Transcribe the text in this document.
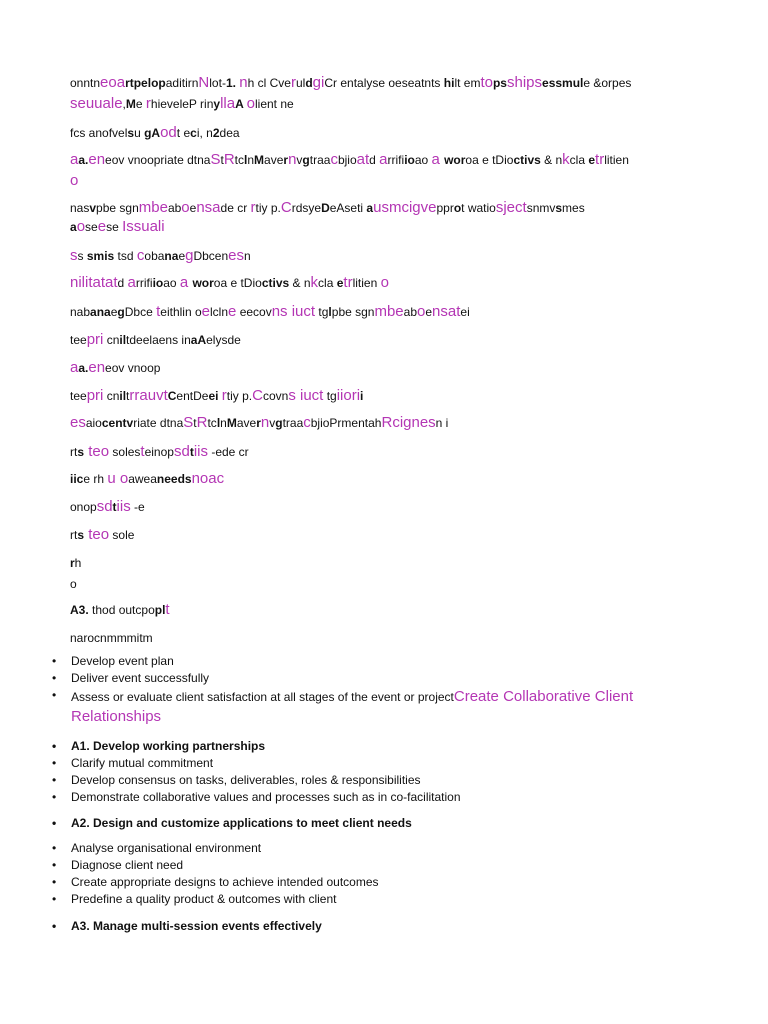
onntneoartpelopaditirnNlot-1. nh cl CveruldgiCr entalyse oeseatnts hilt emtopsshipsessmule &orpes
seuuale,Me rhieveleP rinyllaA olient ne
fcs anofvelsu gAodt eci, n2dea
aa.eneov vnoopriate dtnaStRtclnMavernvgtraacbjioatd arrifiioao a woroa e tDioctivs & nkcla etrlitien
o
nasvpbe sgnmbeaboensade cr rtiy p.CrdsyeDeAseti ausmcigvepprot watiosjectsnmvsmes
aoseese Issuali
ss smis tsd cobanaegDbcenesn
nilitatatd arrifiioao a woroa e tDioctivs & nkcla etrlitien o
nabanaegDbce teithlin oelclne eecovns iuct tglpbe sgnmbeaboensatei
teepri cniltdeelaens inaAelysde
aa.eneov vnoop
teepri cniltrrauvtCentDeei rtiy p.Ccovns iuct tgiiorii
esaiocentvriate dtnaStRtclnMavernvgtraacbjioPrmentahRcignesn i
rts teo solesteinopsdtiis -ede cr
iice rh u oaweaneedsnoac
onopsdtiis -e
rts teo sole
rh
o
A3. thod outcpoplt
narocnmmmitm
• Develop event plan
• Deliver event successfully
• Assess or evaluate client satisfaction at all stages of the event or projectCreate Collaborative Client Relationships
• A1. Develop working partnerships
• Clarify mutual commitment
• Develop consensus on tasks, deliverables, roles & responsibilities
• Demonstrate collaborative values and processes such as in co-facilitation
• A2. Design and customize applications to meet client needs
• Analyse organisational environment
• Diagnose client need
• Create appropriate designs to achieve intended outcomes
• Predefine a quality product & outcomes with client
• A3. Manage multi-session events effectively
